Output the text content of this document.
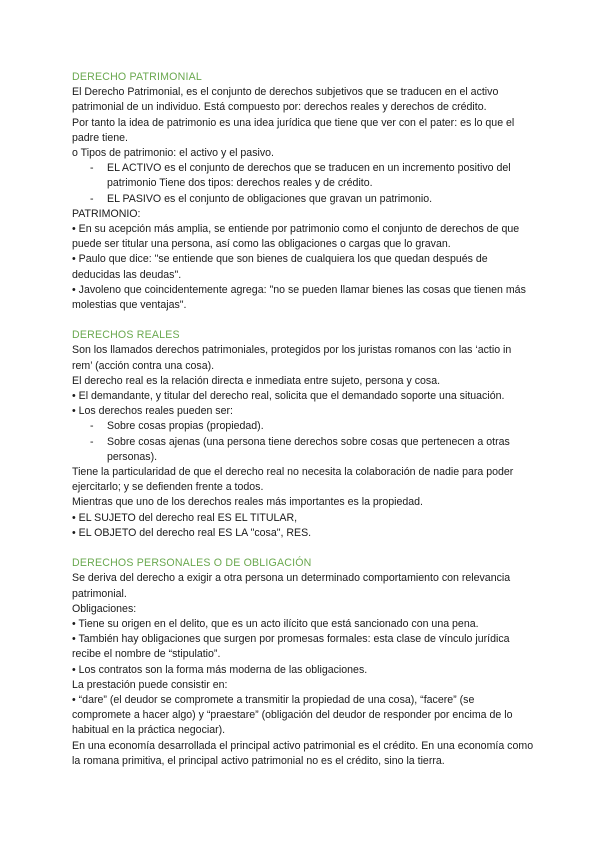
DERECHO PATRIMONIAL

El Derecho Patrimonial, es el conjunto de derechos subjetivos que se traducen en el activo patrimonial de un individuo. Está compuesto por: derechos reales y derechos de crédito.

Por tanto la idea de patrimonio es una idea jurídica que tiene que ver con el pater: es lo que el padre tiene.

o Tipos de patrimonio: el activo y el pasivo.

- EL ACTIVO es el conjunto de derechos que se traducen en un incremento positivo del patrimonio Tiene dos tipos: derechos reales y de crédito.
- EL PASIVO es el conjunto de obligaciones que gravan un patrimonio.

PATRIMONIO:

• En su acepción más amplia, se entiende por patrimonio como el conjunto de derechos de que puede ser titular una persona, así como las obligaciones o cargas que lo gravan.

• Paulo que dice: "se entiende que son bienes de cualquiera los que quedan después de deducidas las deudas".

• Javoleno que coincidentemente agrega: "no se pueden llamar bienes las cosas que tienen más molestias que ventajas".

DERECHOS REALES

Son los llamados derechos patrimoniales, protegidos por los juristas romanos con las ‘actio in rem’ (acción contra una cosa).

El derecho real es la relación directa e inmediata entre sujeto, persona y cosa.

• El demandante, y titular del derecho real, solicita que el demandado soporte una situación.

• Los derechos reales pueden ser:

- Sobre cosas propias (propiedad).
- Sobre cosas ajenas (una persona tiene derechos sobre cosas que pertenecen a otras personas).

Tiene la particularidad de que el derecho real no necesita la colaboración de nadie para poder ejercitarlo; y se defienden frente a todos.

Mientras que uno de los derechos reales más importantes es la propiedad.

• EL SUJETO del derecho real ES EL TITULAR,

• EL OBJETO del derecho real ES LA "cosa", RES.

DERECHOS PERSONALES O DE OBLIGACIÓN

Se deriva del derecho a exigir a otra persona un determinado comportamiento con relevancia patrimonial.

Obligaciones:

• Tiene su origen en el delito, que es un acto ilícito que está sancionado con una pena.

• También hay obligaciones que surgen por promesas formales: esta clase de vínculo jurídica recibe el nombre de “stipulatio”.

• Los contratos son la forma más moderna de las obligaciones.

La prestación puede consistir en:

• “dare” (el deudor se compromete a transmitir la propiedad de una cosa), “facere” (se compromete a hacer algo) y “praestare” (obligación del deudor de responder por encima de lo habitual en la práctica negociar).

En una economía desarrollada el principal activo patrimonial es el crédito. En una economía como la romana primitiva, el principal activo patrimonial no es el crédito, sino la tierra.
